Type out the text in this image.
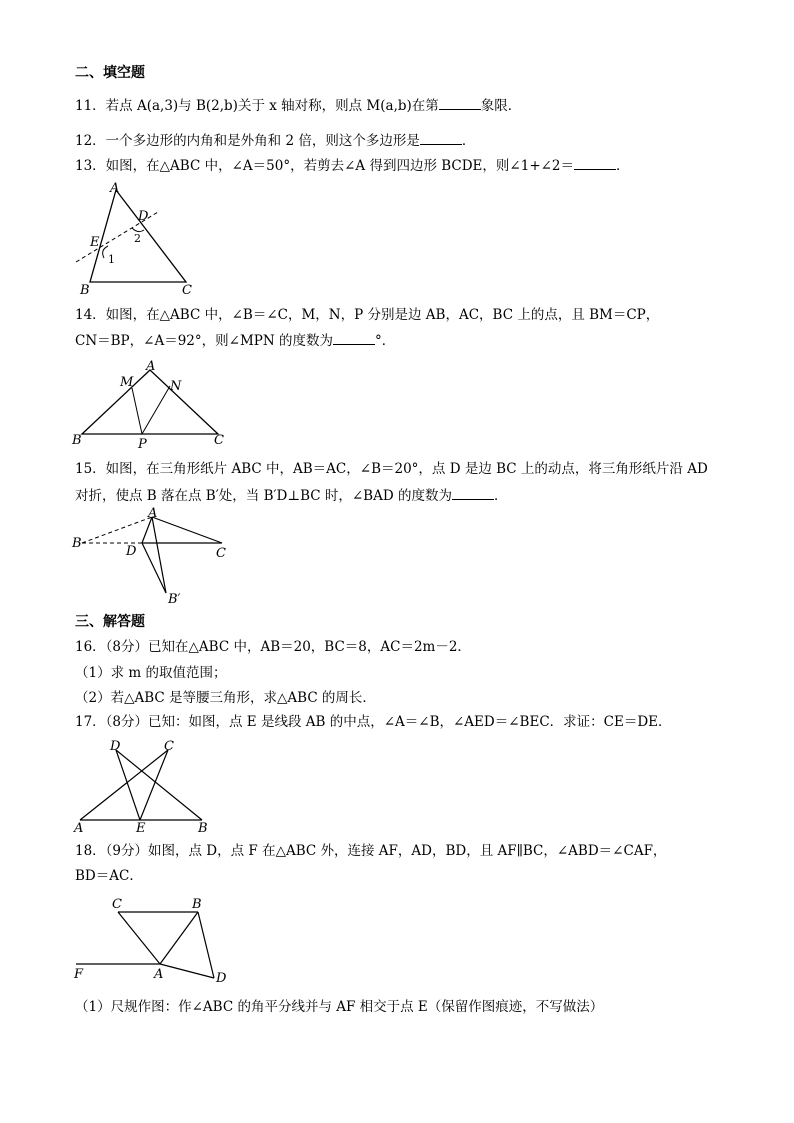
二、填空题
11．若点 A(a,3)与 B(2,b)关于 x 轴对称，则点 M(a,b)在第	象限．
12．一个多边形的内角和是外角和 2 倍，则这个多边形是	．
13．如图，在△ABC 中，∠A＝50°，若剪去∠A 得到四边形 BCDE，则∠1+∠2＝	．
A
B	C
D
E
1
2
14．如图，在△ABC 中，∠B＝∠C，M，N，P 分别是边 AB，AC，BC 上的点，且 BM＝CP，
CN＝BP，∠A＝92°，则∠MPN 的度数为	°．
A
B	C
M	N
P
15．如图，在三角形纸片 ABC 中，AB＝AC，∠B＝20°，点 D 是边 BC 上的动点，将三角形纸片沿 AD
对折，使点 B 落在点 B′处，当 B′D⊥BC 时，∠BAD 的度数为	．
A
B
C
D
B′
三、解答题
16．（8分）已知在△ABC 中，AB＝20，BC＝8，AC＝2m－2．
（1）求 m 的取值范围；
（2）若△ABC 是等腰三角形，求△ABC 的周长．
17．（8分）已知：如图，点 E 是线段 AB 的中点，∠A＝∠B，∠AED＝∠BEC．求证：CE＝DE．
A	B
C
D
E
18．（9分）如图，点 D，点 F 在△ABC 外，连接 AF，AD，BD，且 AF∥BC，∠ABD＝∠CAF，
BD＝AC．
C	B
A	D
F
（1）尺规作图：作∠ABC 的角平分线并与 AF 相交于点 E（保留作图痕迹，不写做法）
